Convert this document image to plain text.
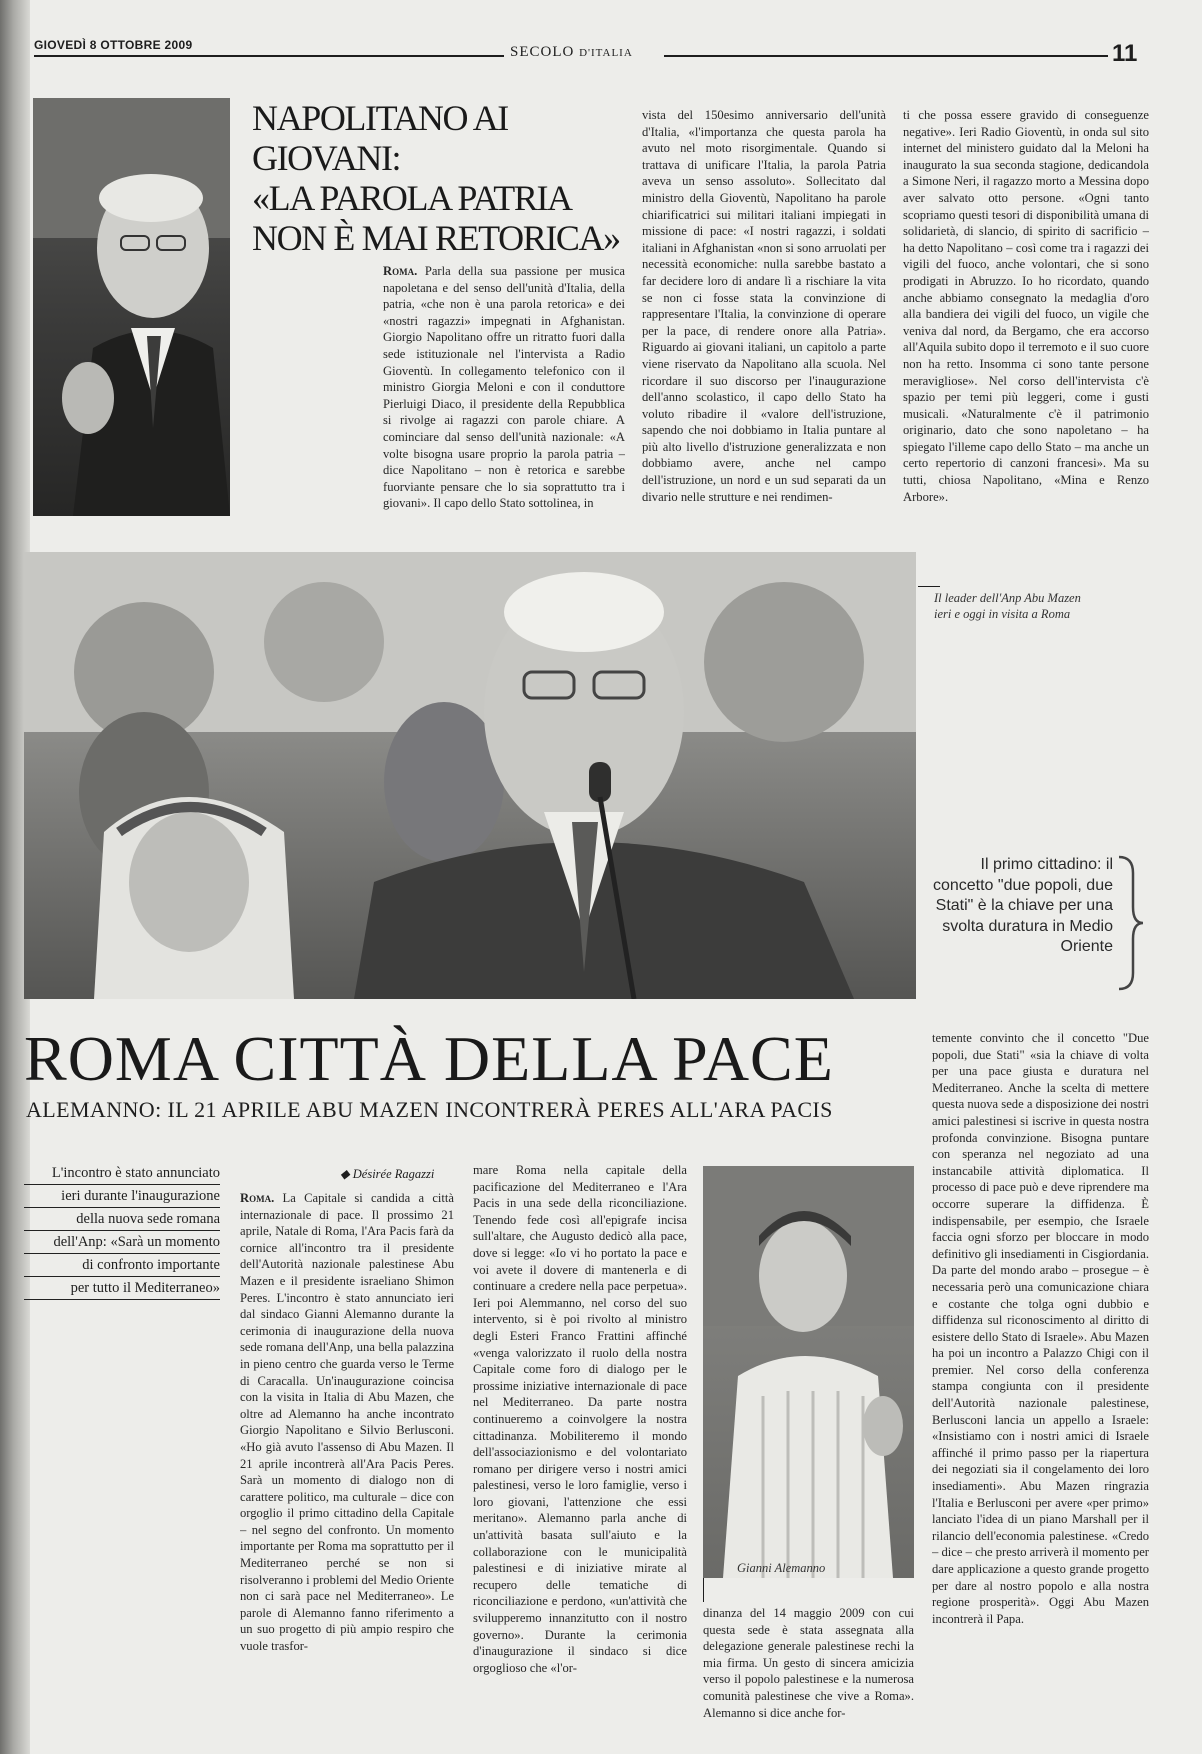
GIOVEDÌ 8 OTTOBRE 2009	SECOLO D'ITALIA	11
NAPOLITANO AI GIOVANI:
«LA PAROLA PATRIA
NON È MAI RETORICA»

Roma. Parla della sua passione per musica napoletana e del senso dell'unità d'Italia, della patria, «che non è una parola retorica» e dei «nostri ragazzi» impegnati in Afghanistan. Giorgio Napolitano offre un ritratto fuori dalla sede istituzionale nel l'intervista a Radio Gioventù. In collegamento telefonico con il ministro Giorgia Meloni e con il conduttore Pierluigi Diaco, il presidente della Repubblica si rivolge ai ragazzi con parole chiare. A cominciare dal senso dell'unità nazionale: «A volte bisogna usare proprio la parola patria – dice Napolitano – non è retorica e sarebbe fuorviante pensare che lo sia soprattutto tra i giovani». Il capo dello Stato sottolinea, in

vista del 150esimo anniversario dell'unità d'Italia, «l'importanza che questa parola ha avuto nel moto risorgimentale. Quando si trattava di unificare l'Italia, la parola Patria aveva un senso assoluto». Sollecitato dal ministro della Gioventù, Napolitano ha parole chiarificatrici sui militari italiani impiegati in missione di pace: «I nostri ragazzi, i soldati italiani in Afghanistan «non si sono arruolati per necessità economiche: nulla sarebbe bastato a far decidere loro di andare lì a rischiare la vita se non ci fosse stata la convinzione di rappresentare l'Italia, la convinzione di operare per la pace, di rendere onore alla Patria». Riguardo ai giovani italiani, un capitolo a parte viene riservato da Napolitano alla scuola. Nel ricordare il suo discorso per l'inaugurazione dell'anno scolastico, il capo dello Stato ha voluto ribadire il «valore dell'istruzione, sapendo che noi dobbiamo in Italia puntare al più alto livello d'istruzione generalizzata e non dobbiamo avere, anche nel campo dell'istruzione, un nord e un sud separati da un divario nelle strutture e nei rendimen-

ti che possa essere gravido di conseguenze negative». Ieri Radio Gioventù, in onda sul sito internet del ministero guidato dal la Meloni ha inaugurato la sua seconda stagione, dedicandola a Simone Neri, il ragazzo morto a Messina dopo aver salvato otto persone. «Ogni tanto scopriamo questi tesori di disponibilità umana di solidarietà, di slancio, di spirito di sacrificio – ha detto Napolitano – così come tra i ragazzi dei vigili del fuoco, anche volontari, che si sono prodigati in Abruzzo. Io ho ricordato, quando anche abbiamo consegnato la medaglia d'oro alla bandiera dei vigili del fuoco, un vigile che veniva dal nord, da Bergamo, che era accorso all'Aquila subito dopo il terremoto e il suo cuore non ha retto. Insomma ci sono tante persone meravigliose». Nel corso dell'intervista c'è spazio per temi più leggeri, come i gusti musicali. «Naturalmente c'è il patrimonio originario, dato che sono napoletano – ha spiegato l'illeme capo dello Stato – ma anche un certo repertorio di canzoni francesi». Ma su tutti, chiosa Napolitano, «Mina e Renzo Arbore».

Il leader dell'Anp Abu Mazen ieri e oggi in visita a Roma
Il primo cittadino: il concetto "due popoli, due Stati" è la chiave per una svolta duratura in Medio Oriente
ROMA CITTÀ DELLA PACE
ALEMANNO: IL 21 APRILE ABU MAZEN INCONTRERÀ PERES ALL'ARA PACIS
L'incontro è stato annunciato
ieri durante l'inaugurazione
della nuova sede romana
dell'Anp: «Sarà un momento
di confronto importante
per tutto il Mediterraneo»
◆ Désirée Ragazzi

Roma. La Capitale si candida a città internazionale di pace. Il prossimo 21 aprile, Natale di Roma, l'Ara Pacis farà da cornice all'incontro tra il presidente dell'Autorità nazionale palestinese Abu Mazen e il presidente israeliano Shimon Peres. L'incontro è stato annunciato ieri dal sindaco Gianni Alemanno durante la cerimonia di inaugurazione della nuova sede romana dell'Anp, una bella palazzina in pieno centro che guarda verso le Terme di Caracalla. Un'inaugurazione coincisa con la visita in Italia di Abu Mazen, che oltre ad Alemanno ha anche incontrato Giorgio Napolitano e Silvio Berlusconi. «Ho già avuto l'assenso di Abu Mazen. Il 21 aprile incontrerà all'Ara Pacis Peres. Sarà un momento di dialogo non di carattere politico, ma culturale – dice con orgoglio il primo cittadino della Capitale – nel segno del confronto. Un momento importante per Roma ma soprattutto per il Mediterraneo perché se non si risolveranno i problemi del Medio Oriente non ci sarà pace nel Mediterraneo». Le parole di Alemanno fanno riferimento a un suo progetto di più ampio respiro che vuole trasfor-

mare Roma nella capitale della pacificazione del Mediterraneo e l'Ara Pacis in una sede della riconciliazione. Tenendo fede così all'epigrafe incisa sull'altare, che Augusto dedicò alla pace, dove si legge: «Io vi ho portato la pace e voi avete il dovere di mantenerla e di continuare a credere nella pace perpetua». Ieri poi Alemmanno, nel corso del suo intervento, si è poi rivolto al ministro degli Esteri Franco Frattini affinché «venga valorizzato il ruolo della nostra Capitale come foro di dialogo per le prossime iniziative internazionale di pace nel Mediterraneo. Da parte nostra continueremo a coinvolgere la nostra cittadinanza. Mobiliteremo il mondo dell'associazionismo e del volontariato romano per dirigere verso i nostri amici palestinesi, verso le loro famiglie, verso i loro giovani, l'attenzione che essi meritano». Alemanno parla anche di un'attività basata sull'aiuto e la collaborazione con le municipalità palestinesi e di iniziative mirate al recupero delle tematiche di riconciliazione e perdono, «un'attività che svilupperemo innanzitutto con il nostro governo». Durante la cerimonia d'inaugurazione il sindaco si dice orgoglioso che «l'or-

Gianni Alemanno

dinanza del 14 maggio 2009 con cui questa sede è stata assegnata alla delegazione generale palestinese rechi la mia firma. Un gesto di sincera amicizia verso il popolo palestinese e la numerosa comunità palestinese che vive a Roma». Alemanno si dice anche for-

temente convinto che il concetto "Due popoli, due Stati" «sia la chiave di volta per una pace giusta e duratura nel Mediterraneo. Anche la scelta di mettere questa nuova sede a disposizione dei nostri amici palestinesi si iscrive in questa nostra profonda convinzione. Bisogna puntare con speranza nel negoziato ad una instancabile attività diplomatica. Il processo di pace può e deve riprendere ma occorre superare la diffidenza. È indispensabile, per esempio, che Israele faccia ogni sforzo per bloccare in modo definitivo gli insediamenti in Cisgiordania. Da parte del mondo arabo – prosegue – è necessaria però una comunicazione chiara e costante che tolga ogni dubbio e diffidenza sul riconoscimento al diritto di esistere dello Stato di Israele». Abu Mazen ha poi un incontro a Palazzo Chigi con il premier. Nel corso della conferenza stampa congiunta con il presidente dell'Autorità nazionale palestinese, Berlusconi lancia un appello a Israele: «Insistiamo con i nostri amici di Israele affinché il primo passo per la riapertura dei negoziati sia il congelamento dei loro insediamenti». Abu Mazen ringrazia l'Italia e Berlusconi per avere «per primo» lanciato l'idea di un piano Marshall per il rilancio dell'economia palestinese. «Credo – dice – che presto arriverà il momento per dare applicazione a questo grande progetto per dare al nostro popolo e alla nostra regione prosperità». Oggi Abu Mazen incontrerà il Papa.
